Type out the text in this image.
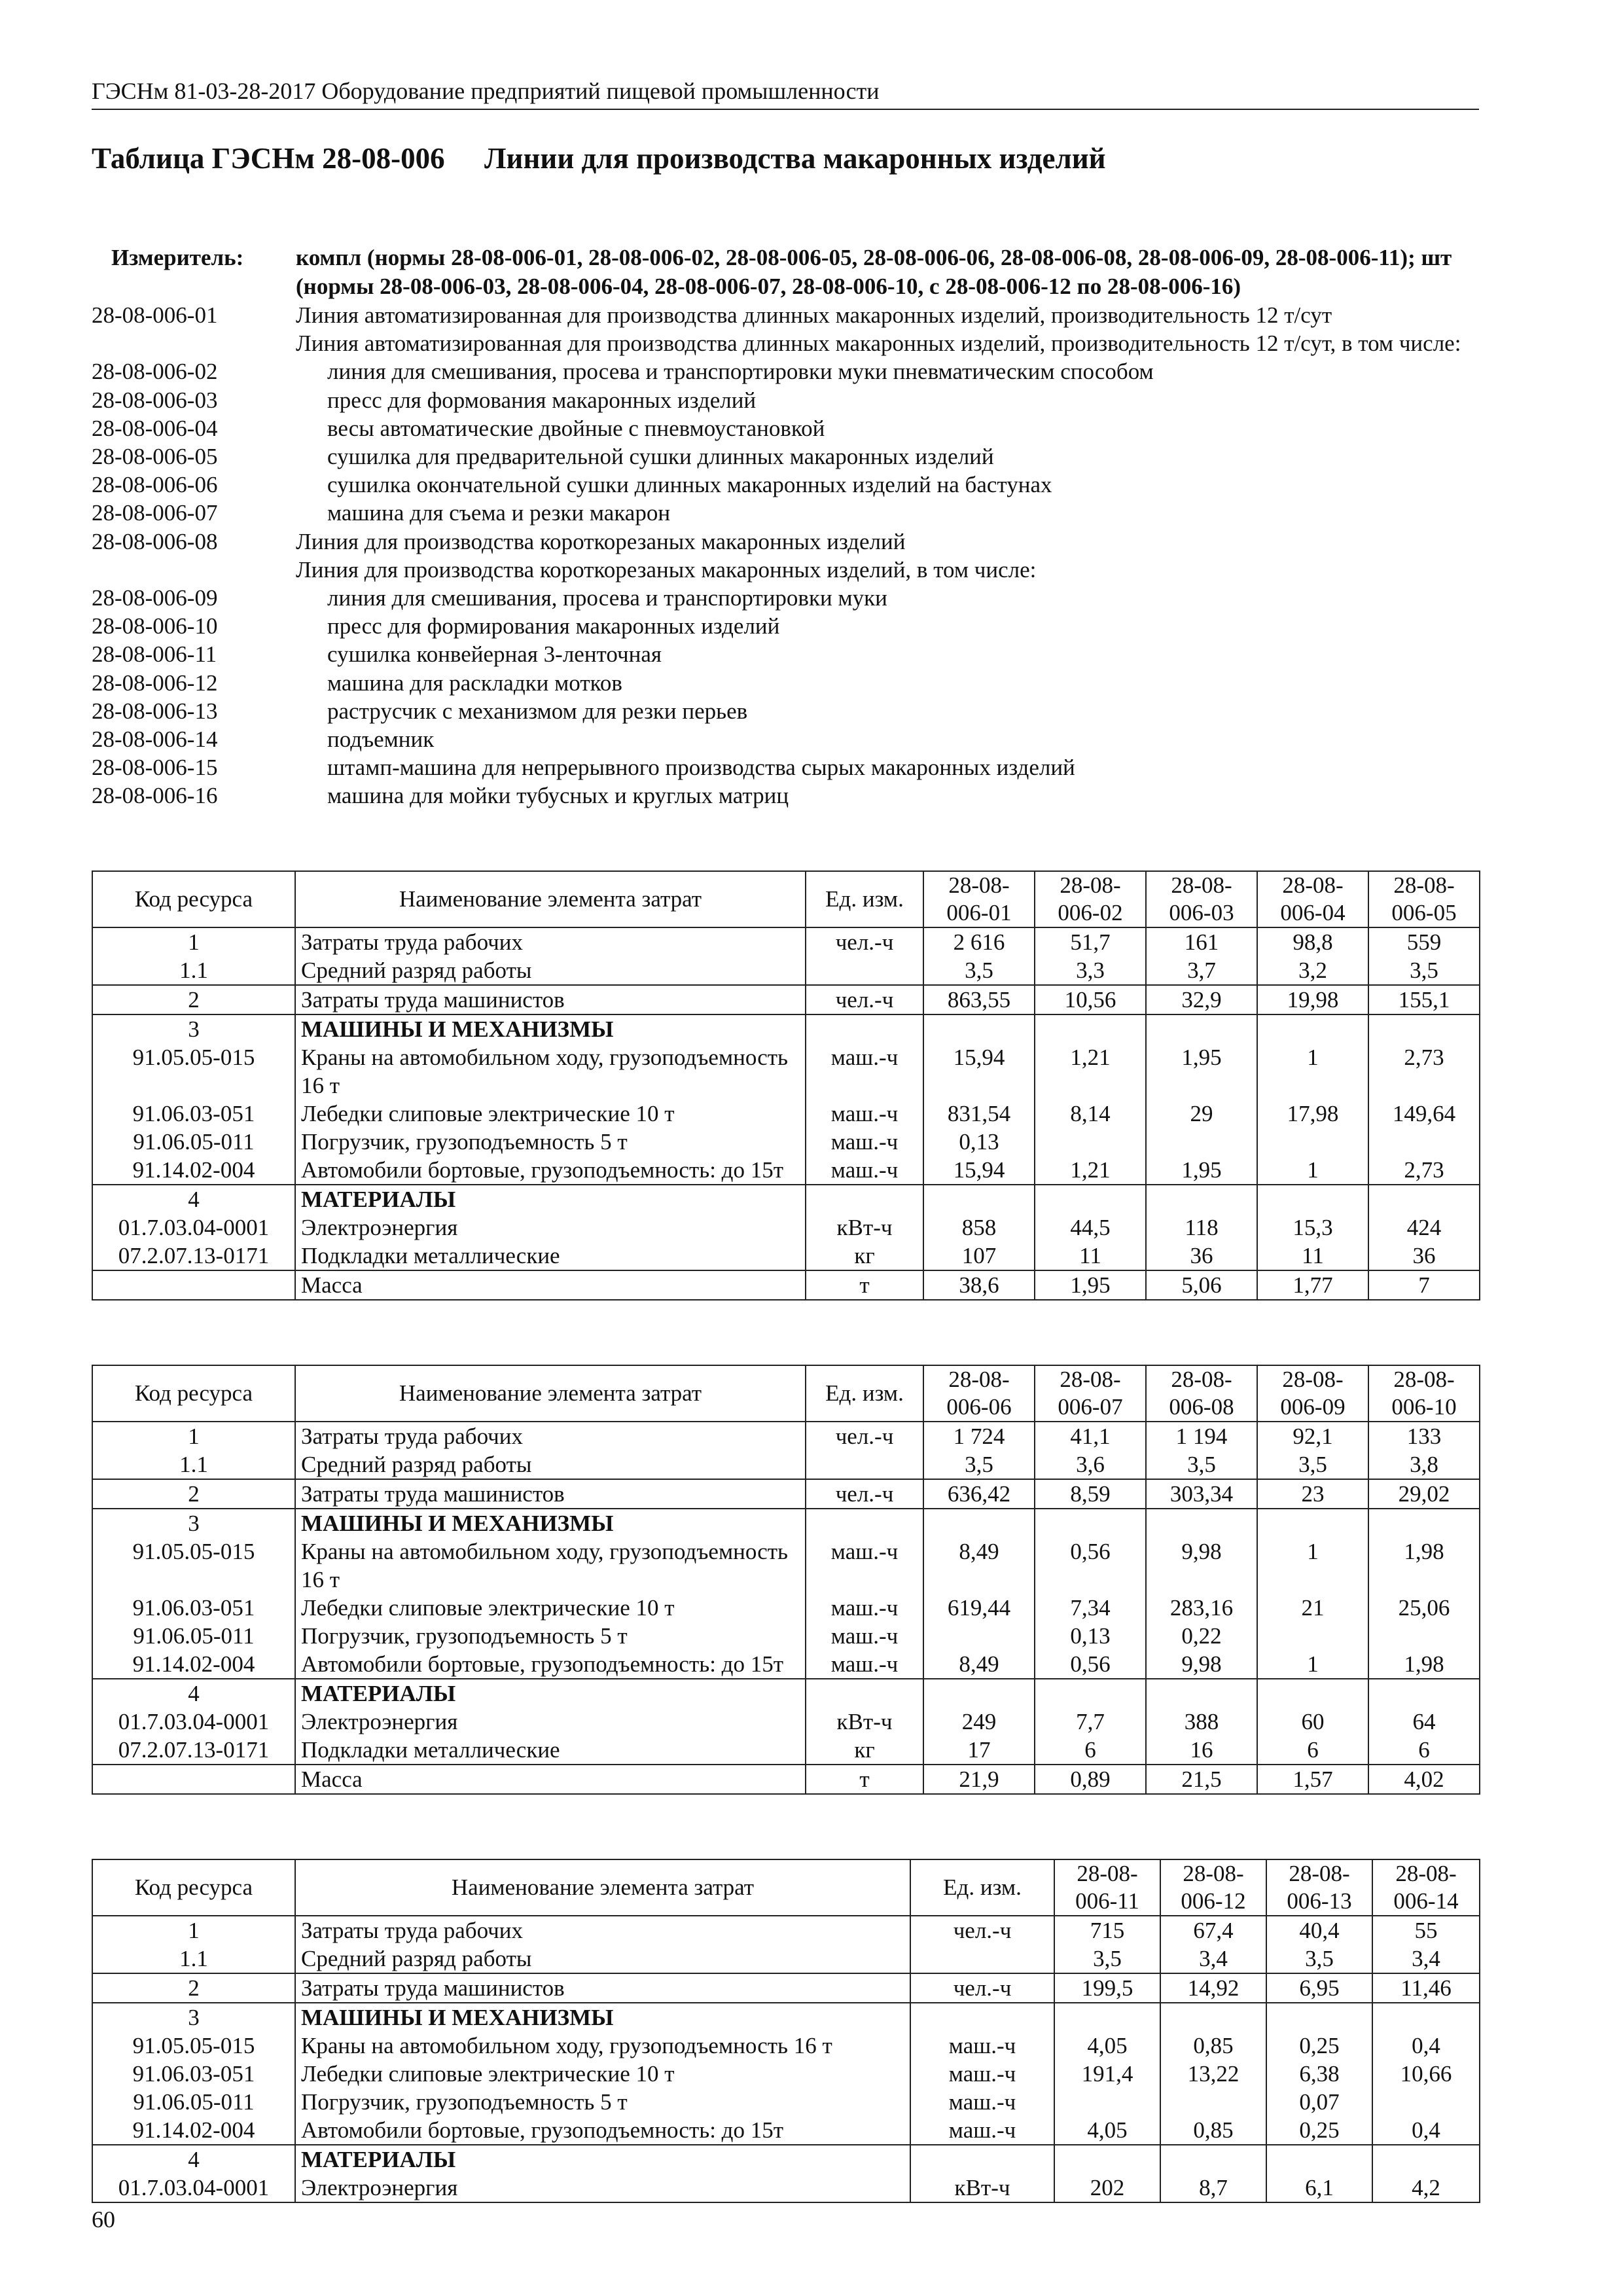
ГЭСНм 81-03-28-2017 Оборудование предприятий пищевой промышленности
Таблица ГЭСНм 28-08-006	Линии для производства макаронных изделий
Измеритель:	компл (нормы 28-08-006-01, 28-08-006-02, 28-08-006-05, 28-08-006-06, 28-08-006-08, 28-08-006-09, 28-08-006-11); шт (нормы 28-08-006-03, 28-08-006-04, 28-08-006-07, 28-08-006-10, с 28-08-006-12 по 28-08-006-16)
28-08-006-01	Линия автоматизированная для производства длинных макаронных изделий, производительность 12 т/сут
Линия автоматизированная для производства длинных макаронных изделий, производительность 12 т/сут, в том числе:
28-08-006-02	линия для смешивания, просева и транспортировки муки пневматическим способом
28-08-006-03	пресс для формования макаронных изделий
28-08-006-04	весы автоматические двойные с пневмоустановкой
28-08-006-05	сушилка для предварительной сушки длинных макаронных изделий
28-08-006-06	сушилка окончательной сушки длинных макаронных изделий на бастунах
28-08-006-07	машина для съема и резки макарон
28-08-006-08	Линия для производства короткорезаных макаронных изделий
Линия для производства короткорезаных макаронных изделий, в том числе:
28-08-006-09	линия для смешивания, просева и транспортировки муки
28-08-006-10	пресс для формирования макаронных изделий
28-08-006-11	сушилка конвейерная 3-ленточная
28-08-006-12	машина для раскладки мотков
28-08-006-13	раструсчик с механизмом для резки перьев
28-08-006-14	подъемник
28-08-006-15	штамп-машина для непрерывного производства сырых макаронных изделий
28-08-006-16	машина для мойки тубусных и круглых матриц
Код ресурса	Наименование элемента затрат	Ед. изм.	28-08-006-01	28-08-006-02	28-08-006-03	28-08-006-04	28-08-006-05
1	Затраты труда рабочих	чел.-ч	2 616	51,7	161	98,8	559
1.1	Средний разряд работы		3,5	3,3	3,7	3,2	3,5
2	Затраты труда машинистов	чел.-ч	863,55	10,56	32,9	19,98	155,1
3	МАШИНЫ И МЕХАНИЗМЫ						
91.05.05-015	Краны на автомобильном ходу, грузоподъемность 16 т	маш.-ч	15,94	1,21	1,95	1	2,73
91.06.03-051	Лебедки слиповые электрические 10 т	маш.-ч	831,54	8,14	29	17,98	149,64
91.06.05-011	Погрузчик, грузоподъемность 5 т	маш.-ч	0,13				
91.14.02-004	Автомобили бортовые, грузоподъемность: до 15т	маш.-ч	15,94	1,21	1,95	1	2,73
4	МАТЕРИАЛЫ						
01.7.03.04-0001	Электроэнергия	кВт-ч	858	44,5	118	15,3	424
07.2.07.13-0171	Подкладки металлические	кг	107	11	36	11	36
	Масса	т	38,6	1,95	5,06	1,77	7
Код ресурса	Наименование элемента затрат	Ед. изм.	28-08-006-06	28-08-006-07	28-08-006-08	28-08-006-09	28-08-006-10
1	Затраты труда рабочих	чел.-ч	1 724	41,1	1 194	92,1	133
1.1	Средний разряд работы		3,5	3,6	3,5	3,5	3,8
2	Затраты труда машинистов	чел.-ч	636,42	8,59	303,34	23	29,02
3	МАШИНЫ И МЕХАНИЗМЫ						
91.05.05-015	Краны на автомобильном ходу, грузоподъемность 16 т	маш.-ч	8,49	0,56	9,98	1	1,98
91.06.03-051	Лебедки слиповые электрические 10 т	маш.-ч	619,44	7,34	283,16	21	25,06
91.06.05-011	Погрузчик, грузоподъемность 5 т	маш.-ч		0,13	0,22		
91.14.02-004	Автомобили бортовые, грузоподъемность: до 15т	маш.-ч	8,49	0,56	9,98	1	1,98
4	МАТЕРИАЛЫ						
01.7.03.04-0001	Электроэнергия	кВт-ч	249	7,7	388	60	64
07.2.07.13-0171	Подкладки металлические	кг	17	6	16	6	6
	Масса	т	21,9	0,89	21,5	1,57	4,02
Код ресурса	Наименование элемента затрат	Ед. изм.	28-08-006-11	28-08-006-12	28-08-006-13	28-08-006-14
1	Затраты труда рабочих	чел.-ч	715	67,4	40,4	55
1.1	Средний разряд работы		3,5	3,4	3,5	3,4
2	Затраты труда машинистов	чел.-ч	199,5	14,92	6,95	11,46
3	МАШИНЫ И МЕХАНИЗМЫ					
91.05.05-015	Краны на автомобильном ходу, грузоподъемность 16 т	маш.-ч	4,05	0,85	0,25	0,4
91.06.03-051	Лебедки слиповые электрические 10 т	маш.-ч	191,4	13,22	6,38	10,66
91.06.05-011	Погрузчик, грузоподъемность 5 т	маш.-ч			0,07	
91.14.02-004	Автомобили бортовые, грузоподъемность: до 15т	маш.-ч	4,05	0,85	0,25	0,4
4	МАТЕРИАЛЫ					
01.7.03.04-0001	Электроэнергия	кВт-ч	202	8,7	6,1	4,2
60
